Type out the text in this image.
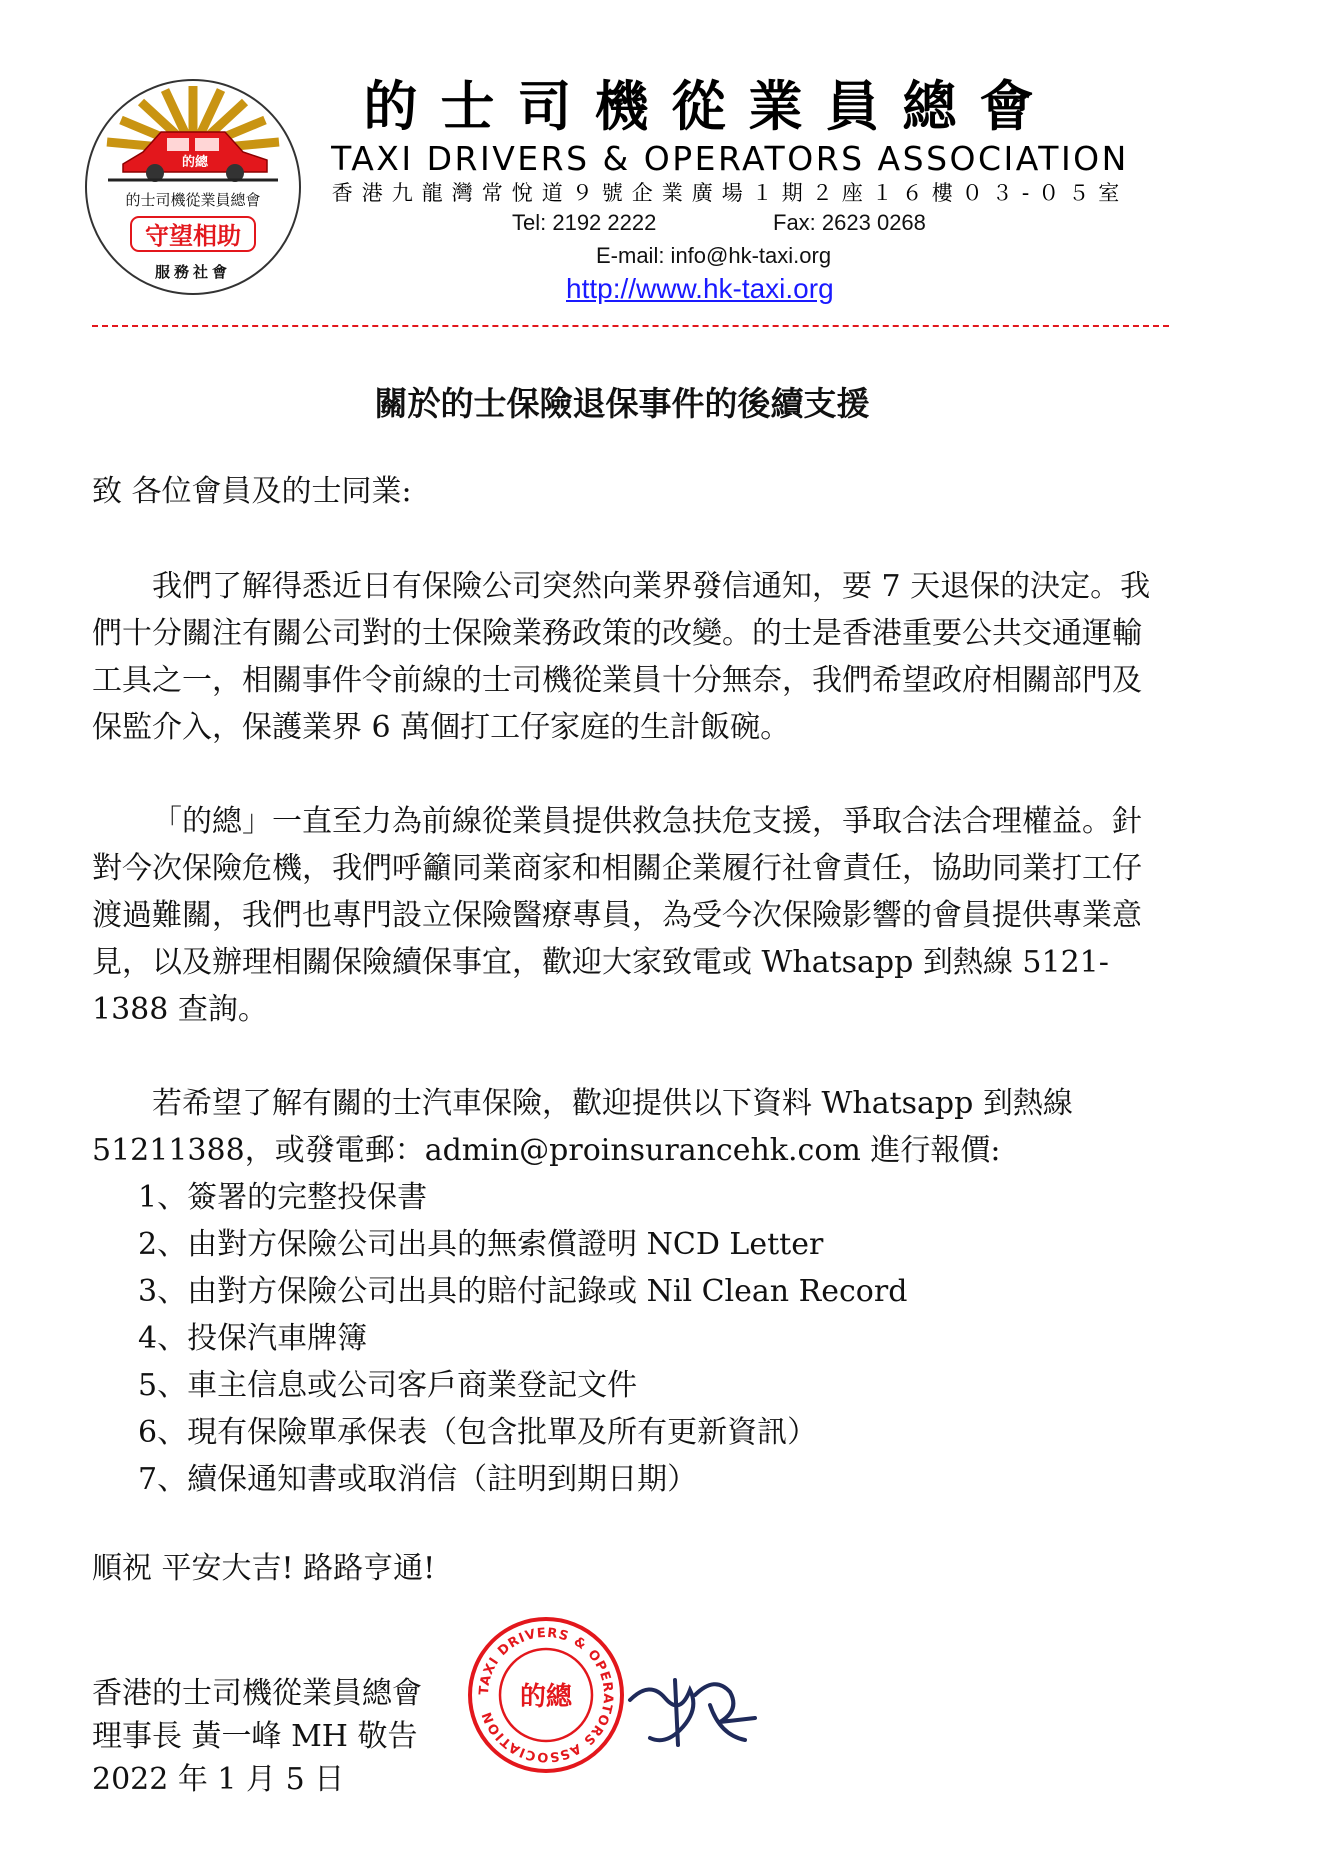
的總
的士司機從業員總會
守望相助
服務社會
的士司機從業員總會
TAXI DRIVERS & OPERATORS ASSOCIATION
香港九龍灣常悅道９號企業廣場１期２座１６樓０３-０５室
Tel: 2192 2222	Fax: 2623 0268
E-mail: info@hk-taxi.org
http://www.hk-taxi.org
關於的士保險退保事件的後續支援
致 各位會員及的士同業:
我們了解得悉近日有保險公司突然向業界發信通知，要 7 天退保的決定。我們十分關注有關公司對的士保險業務政策的改變。的士是香港重要公共交通運輸工具之一，相關事件令前線的士司機從業員十分無奈，我們希望政府相關部門及保監介入，保護業界 6 萬個打工仔家庭的生計飯碗。
「的總」一直至力為前線從業員提供救急扶危支援，爭取合法合理權益。針對今次保險危機，我們呼籲同業商家和相關企業履行社會責任，協助同業打工仔渡過難關，我們也專門設立保險醫療專員，為受今次保險影響的會員提供專業意見，以及辦理相關保險續保事宜，歡迎大家致電或 Whatsapp 到熱線 5121-1388 查詢。
若希望了解有關的士汽車保險，歡迎提供以下資料 Whatsapp 到熱線 51211388，或發電郵：admin@proinsurancehk.com 進行報價:
1、簽署的完整投保書
2、由對方保險公司出具的無索償證明 NCD Letter
3、由對方保險公司出具的賠付記錄或 Nil Clean Record
4、投保汽車牌簿
5、車主信息或公司客戶商業登記文件
6、現有保險單承保表（包含批單及所有更新資訊）
7、續保通知書或取消信（註明到期日期）
順祝 平安大吉! 路路亨通!
香港的士司機從業員總會
理事長 黃一峰 MH 敬告
2022 年 1 月 5 日
TAXI DRIVERS & OPERATORS ASSOCIATION
的總
